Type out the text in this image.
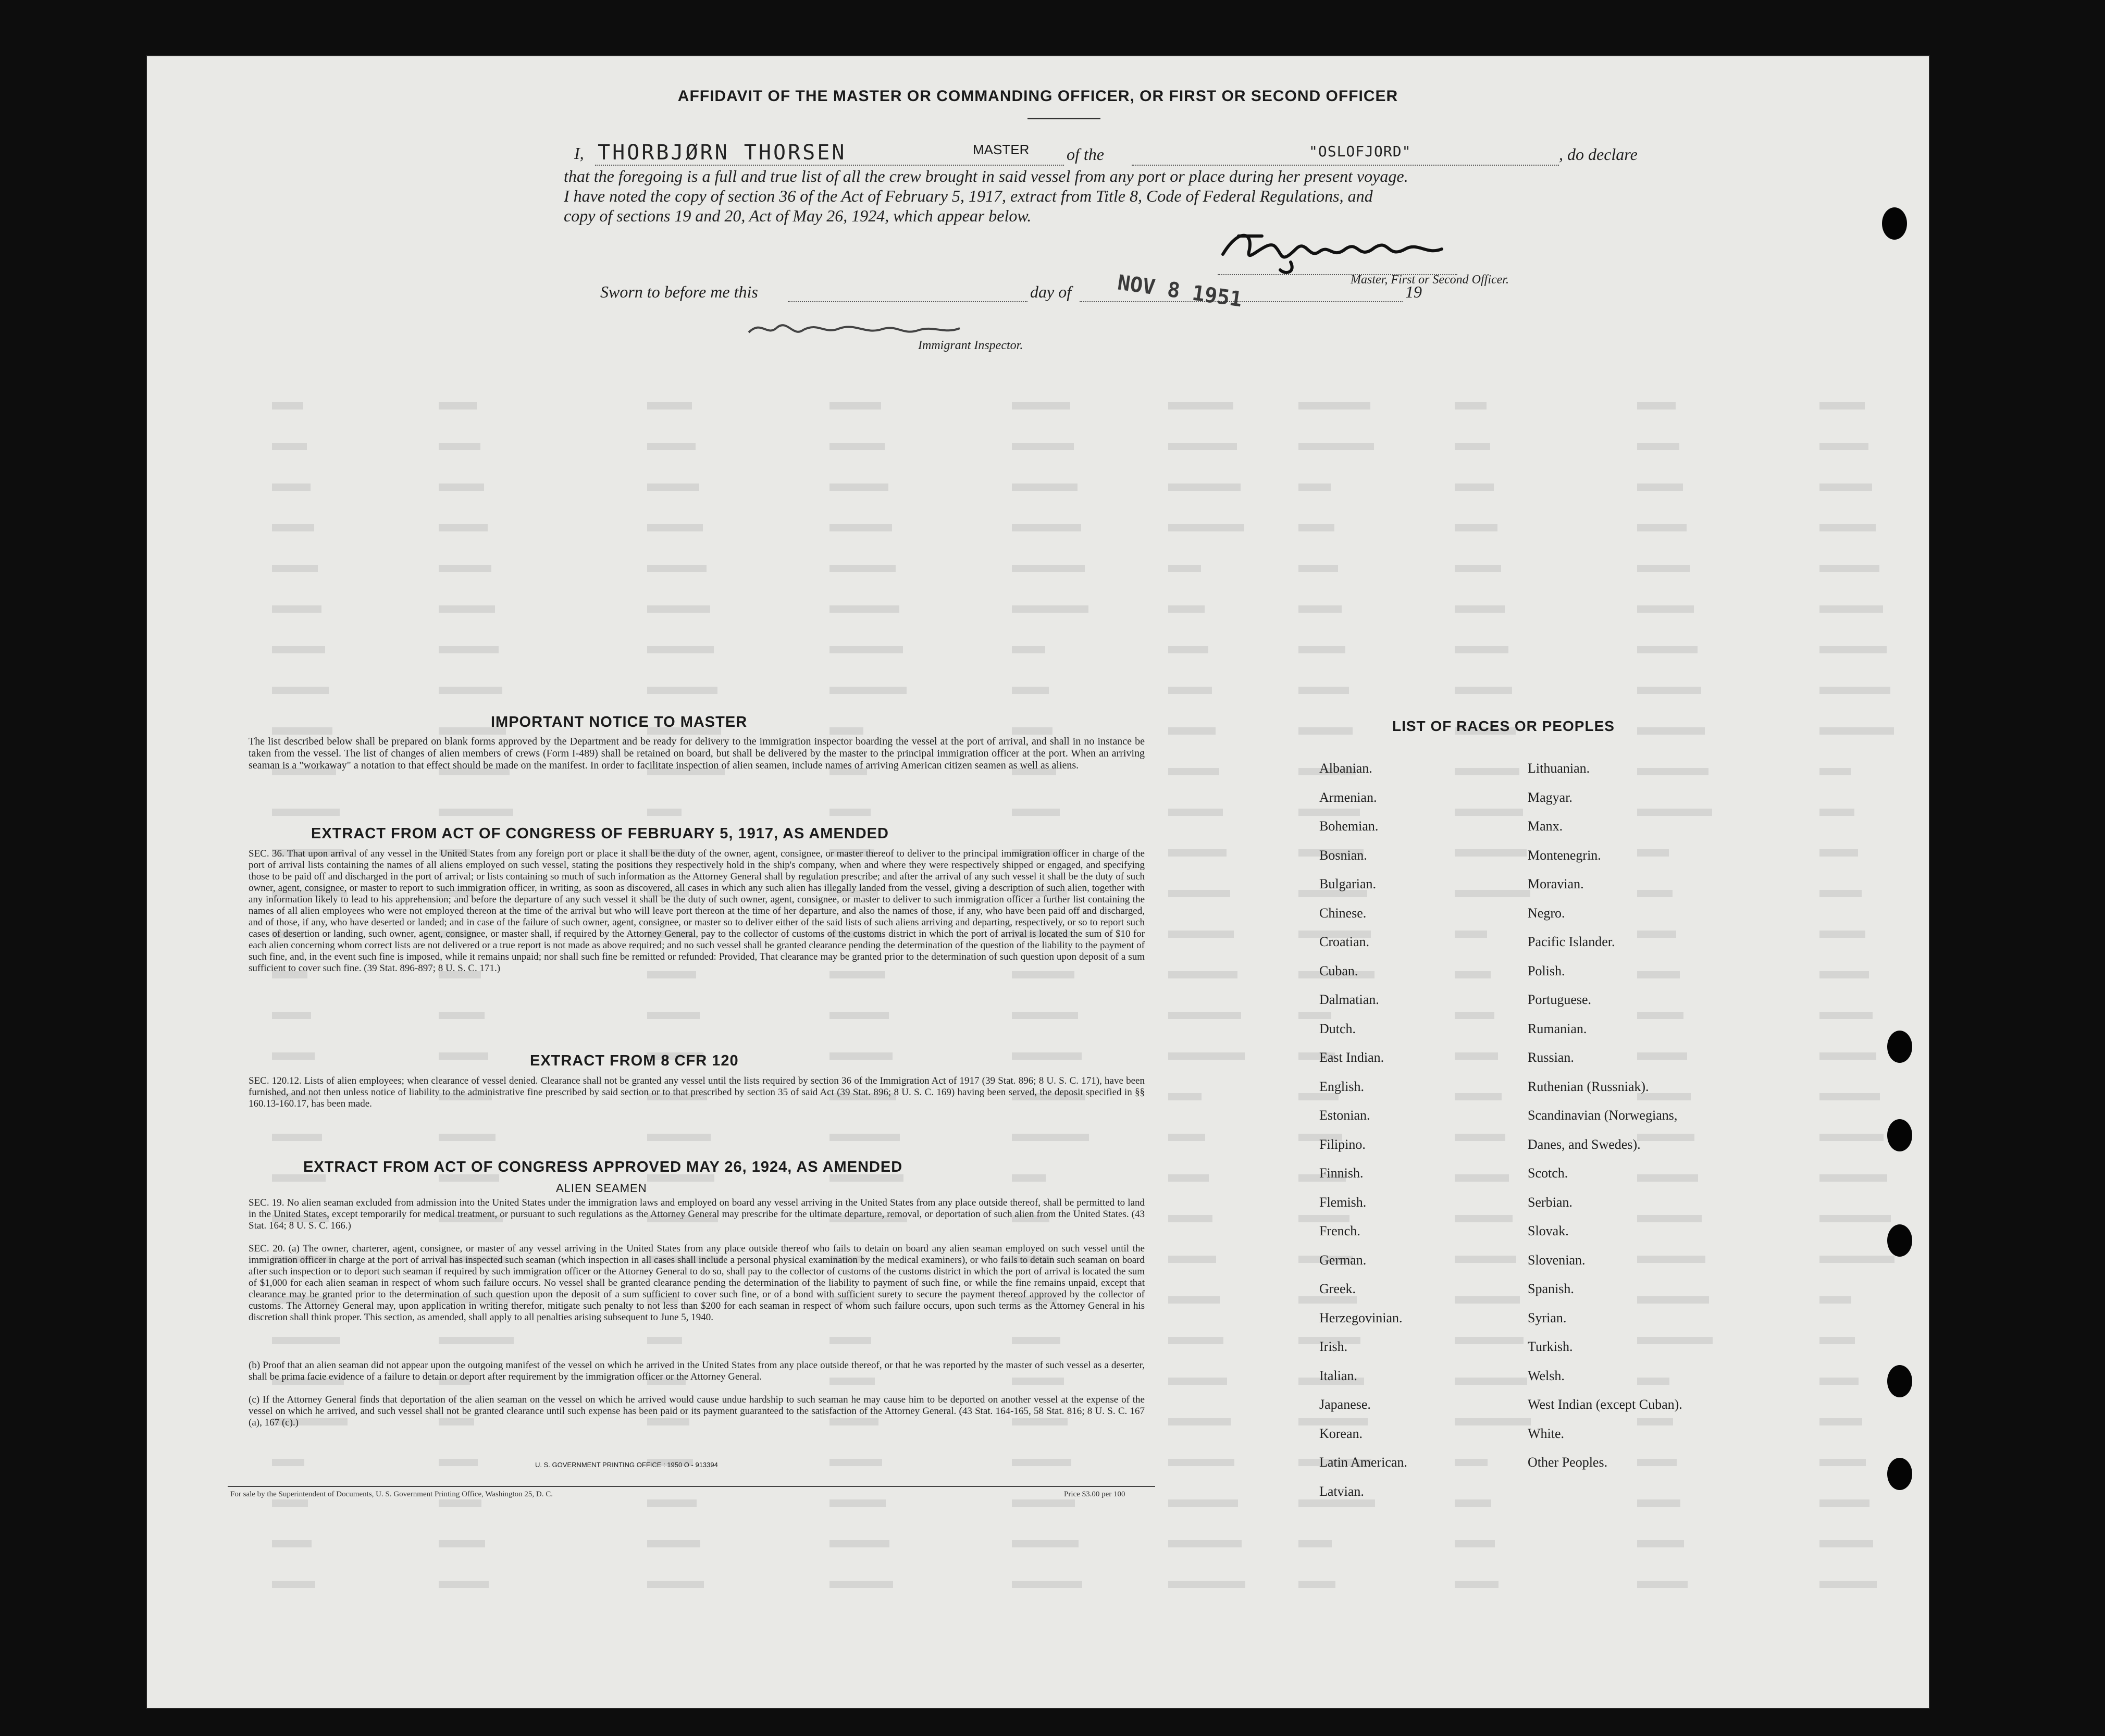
AFFIDAVIT OF THE MASTER OR COMMANDING OFFICER, OR FIRST OR SECOND OFFICER
I, THORBJØRN THORSEN	MASTER of the	"OSLOFJORD"	, do declare
that the foregoing is a full and true list of all the crew brought in said vessel from any port or place during her present voyage.
I have noted the copy of section 36 of the Act of February 5, 1917, extract from Title 8, Code of Federal Regulations, and
copy of sections 19 and 20, Act of May 26, 1924, which appear below.
Master, First or Second Officer.
Sworn to before me this	day of	19
NOV 8 1951
Immigrant Inspector.
IMPORTANT NOTICE TO MASTER
The list described below shall be prepared on blank forms approved by the Department and be ready for delivery to the immigration inspector boarding the vessel at the port of arrival, and shall in no instance be taken from the vessel. The list of changes of alien members of crews (Form I-489) shall be retained on board, but shall be delivered by the master to the principal immigration officer at the port. When an arriving seaman is a "workaway" a notation to that effect should be made on the manifest. In order to facilitate inspection of alien seamen, include names of arriving American citizen seamen as well as aliens.
EXTRACT FROM ACT OF CONGRESS OF FEBRUARY 5, 1917, AS AMENDED
SEC. 36. That upon arrival of any vessel in the United States from any foreign port or place it shall be the duty of the owner, agent, consignee, or master thereof to deliver to the principal immigration officer in charge of the port of arrival lists containing the names of all aliens employed on such vessel, stating the positions they respectively hold in the ship's company, when and where they were respectively shipped or engaged, and specifying those to be paid off and discharged in the port of arrival; or lists containing so much of such information as the Attorney General shall by regulation prescribe; and after the arrival of any such vessel it shall be the duty of such owner, agent, consignee, or master to report to such immigration officer, in writing, as soon as discovered, all cases in which any such alien has illegally landed from the vessel, giving a description of such alien, together with any information likely to lead to his apprehension; and before the departure of any such vessel it shall be the duty of such owner, agent, consignee, or master to deliver to such immigration officer a further list containing the names of all alien employees who were not employed thereon at the time of the arrival but who will leave port thereon at the time of her departure, and also the names of those, if any, who have been paid off and discharged, and of those, if any, who have deserted or landed; and in case of the failure of such owner, agent, consignee, or master so to deliver either of the said lists of such aliens arriving and departing, respectively, or so to report such cases of desertion or landing, such owner, agent, consignee, or master shall, if required by the Attorney General, pay to the collector of customs of the customs district in which the port of arrival is located the sum of $10 for each alien concerning whom correct lists are not delivered or a true report is not made as above required; and no such vessel shall be granted clearance pending the determination of the question of the liability to the payment of such fine, and, in the event such fine is imposed, while it remains unpaid; nor shall such fine be remitted or refunded: Provided, That clearance may be granted prior to the determination of such question upon deposit of a sum sufficient to cover such fine. (39 Stat. 896-897; 8 U. S. C. 171.)
EXTRACT FROM 8 CFR 120
SEC. 120.12. Lists of alien employees; when clearance of vessel denied. Clearance shall not be granted any vessel until the lists required by section 36 of the Immigration Act of 1917 (39 Stat. 896; 8 U. S. C. 171), have been furnished, and not then unless notice of liability to the administrative fine prescribed by said section or to that prescribed by section 35 of said Act (39 Stat. 896; 8 U. S. C. 169) having been served, the deposit specified in §§ 160.13-160.17, has been made.
EXTRACT FROM ACT OF CONGRESS APPROVED MAY 26, 1924, AS AMENDED
ALIEN SEAMEN
SEC. 19. No alien seaman excluded from admission into the United States under the immigration laws and employed on board any vessel arriving in the United States from any place outside thereof, shall be permitted to land in the United States, except temporarily for medical treatment, or pursuant to such regulations as the Attorney General may prescribe for the ultimate departure, removal, or deportation of such alien from the United States. (43 Stat. 164; 8 U. S. C. 166.)
SEC. 20. (a) The owner, charterer, agent, consignee, or master of any vessel arriving in the United States from any place outside thereof who fails to detain on board any alien seaman employed on such vessel until the immigration officer in charge at the port of arrival has inspected such seaman (which inspection in all cases shall include a personal physical examination by the medical examiners), or who fails to detain such seaman on board after such inspection or to deport such seaman if required by such immigration officer or the Attorney General to do so, shall pay to the collector of customs of the customs district in which the port of arrival is located the sum of $1,000 for each alien seaman in respect of whom such failure occurs. No vessel shall be granted clearance pending the determination of the liability to payment of such fine, or while the fine remains unpaid, except that clearance may be granted prior to the determination of such question upon the deposit of a sum sufficient to cover such fine, or of a bond with sufficient surety to secure the payment thereof approved by the collector of customs. The Attorney General may, upon application in writing therefor, mitigate such penalty to not less than $200 for each seaman in respect of whom such failure occurs, upon such terms as the Attorney General in his discretion shall think proper. This section, as amended, shall apply to all penalties arising subsequent to June 5, 1940.
(b) Proof that an alien seaman did not appear upon the outgoing manifest of the vessel on which he arrived in the United States from any place outside thereof, or that he was reported by the master of such vessel as a deserter, shall be prima facie evidence of a failure to detain or deport after requirement by the immigration officer or the Attorney General.
(c) If the Attorney General finds that deportation of the alien seaman on the vessel on which he arrived would cause undue hardship to such seaman he may cause him to be deported on another vessel at the expense of the vessel on which he arrived, and such vessel shall not be granted clearance until such expense has been paid or its payment guaranteed to the satisfaction of the Attorney General. (43 Stat. 164-165, 58 Stat. 816; 8 U. S. C. 167 (a), 167 (c).)
U. S. GOVERNMENT PRINTING OFFICE : 1950 O - 913394
For sale by the Superintendent of Documents, U. S. Government Printing Office, Washington 25, D. C.	Price $3.00 per 100
LIST OF RACES OR PEOPLES
Albanian.
Armenian.
Bohemian.
Bosnian.
Bulgarian.
Chinese.
Croatian.
Cuban.
Dalmatian.
Dutch.
East Indian.
English.
Estonian.
Filipino.
Finnish.
Flemish.
French.
German.
Greek.
Herzegovinian.
Irish.
Italian.
Japanese.
Korean.
Latin American.
Latvian.
Lithuanian.
Magyar.
Manx.
Montenegrin.
Moravian.
Negro.
Pacific Islander.
Polish.
Portuguese.
Rumanian.
Russian.
Ruthenian (Russniak).
Scandinavian (Norwegians,
Danes, and Swedes).
Scotch.
Serbian.
Slovak.
Slovenian.
Spanish.
Syrian.
Turkish.
Welsh.
West Indian (except Cuban).
White.
Other Peoples.
